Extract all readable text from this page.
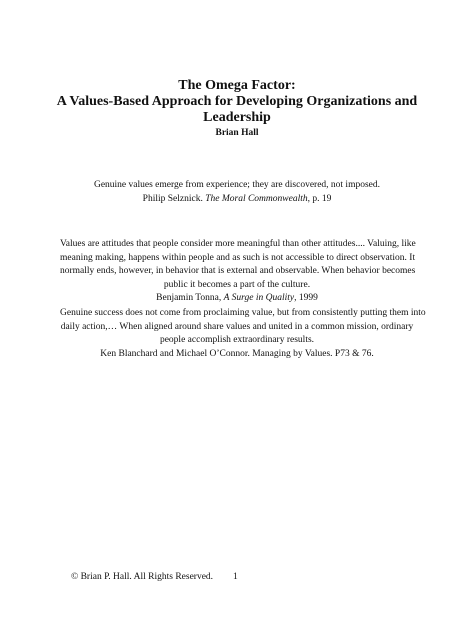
The Omega Factor:
A Values-Based Approach for Developing Organizations and
Leadership
Brian Hall
Genuine values emerge from experience; they are discovered, not imposed.
Philip Selznick. The Moral Commonwealth, p. 19
Values are attitudes that people consider more meaningful than other attitudes.... Valuing, like
meaning making, happens within people and as such is not accessible to direct observation. It
normally ends, however, in behavior that is external and observable. When behavior becomes
public it becomes a part of the culture.
Benjamin Tonna, A Surge in Quality, 1999
Genuine success does not come from proclaiming value, but from consistently putting them into
daily action,… When aligned around share values and united in a common mission, ordinary
people accomplish extraordinary results.
Ken Blanchard and Michael O’Connor. Managing by Values. P73 & 76.
© Brian P. Hall. All Rights Reserved. 1
